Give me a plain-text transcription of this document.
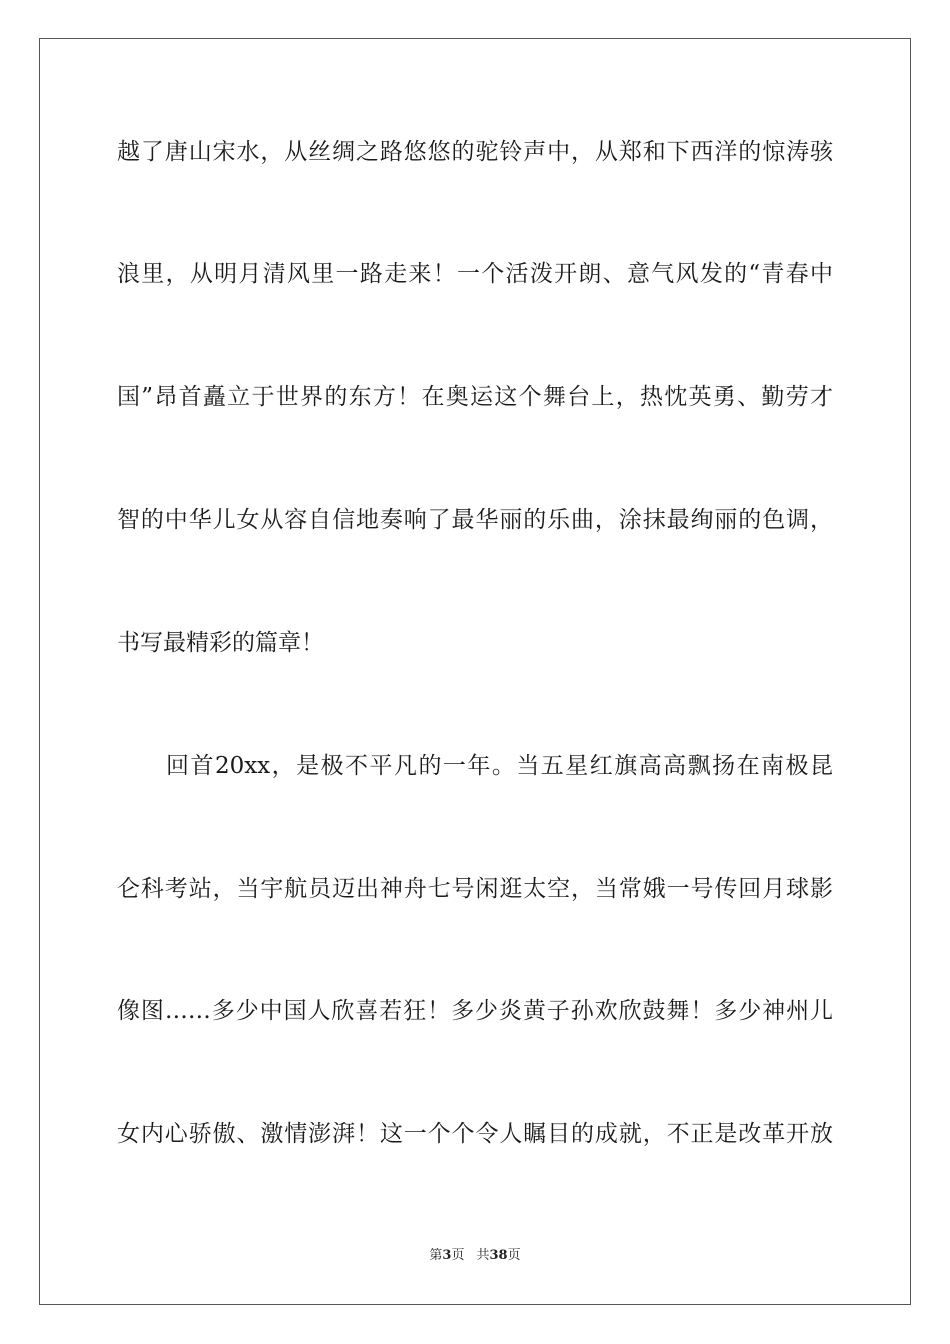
越了唐山宋水，从丝绸之路悠悠的驼铃声中，从郑和下西洋的惊涛骇
浪里，从明月清风里一路走来！一个活泼开朗、意气风发的“青春中
国”昂首矗立于世界的东方！在奥运这个舞台上，热忱英勇、勤劳才
智的中华儿女从容自信地奏响了最华丽的乐曲，涂抹最绚丽的色调，
书写最精彩的篇章！
回首20xx，是极不平凡的一年。当五星红旗高高飘扬在南极昆
仑科考站，当宇航员迈出神舟七号闲逛太空，当常娥一号传回月球影
像图……多少中国人欣喜若狂！多少炎黄子孙欢欣鼓舞！多少神州儿
女内心骄傲、激情澎湃！这一个个令人瞩目的成就，不正是改革开放
第3页 共38页
